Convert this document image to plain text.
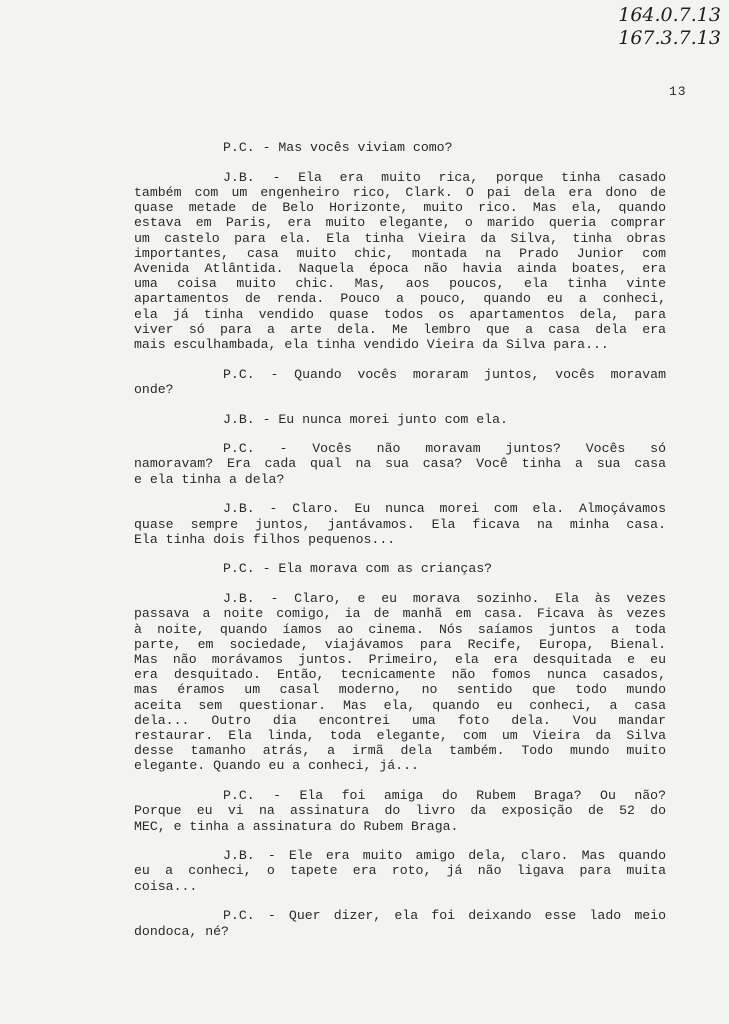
164.0.7.13
167.3.7.13
13
P.C. - Mas vocês viviam como?
J.B. - Ela era muito rica, porque tinha casado
também com um engenheiro rico, Clark. O pai dela era dono de
quase metade de Belo Horizonte, muito rico. Mas ela, quando
estava em Paris, era muito elegante, o marido queria comprar
um castelo para ela. Ela tinha Vieira da Silva, tinha obras
importantes, casa muito chic, montada na Prado Junior com
Avenida Atlântida. Naquela época não havia ainda boates, era
uma coisa muito chic. Mas, aos poucos, ela tinha vinte
apartamentos de renda. Pouco a pouco, quando eu a conheci,
ela já tinha vendido quase todos os apartamentos dela, para
viver só para a arte dela. Me lembro que a casa dela era
mais esculhambada, ela tinha vendido Vieira da Silva para...
P.C. - Quando vocês moraram juntos, vocês moravam
onde?
J.B. - Eu nunca morei junto com ela.
P.C. - Vocês não moravam juntos? Vocês só
namoravam? Era cada qual na sua casa? Você tinha a sua casa
e ela tinha a dela?
J.B. - Claro. Eu nunca morei com ela. Almoçávamos
quase sempre juntos, jantávamos. Ela ficava na minha casa.
Ela tinha dois filhos pequenos...
P.C. - Ela morava com as crianças?
J.B. - Claro, e eu morava sozinho. Ela às vezes
passava a noite comigo, ia de manhã em casa. Ficava às vezes
à noite, quando íamos ao cinema. Nós saíamos juntos a toda
parte, em sociedade, viajávamos para Recife, Europa, Bienal.
Mas não morávamos juntos. Primeiro, ela era desquitada e eu
era desquitado. Então, tecnicamente não fomos nunca casados,
mas éramos um casal moderno, no sentido que todo mundo
aceita sem questionar. Mas ela, quando eu conheci, a casa
dela... Outro dia encontrei uma foto dela. Vou mandar
restaurar. Ela linda, toda elegante, com um Vieira da Silva
desse tamanho atrás, a irmã dela também. Todo mundo muito
elegante. Quando eu a conheci, já...
P.C. - Ela foi amiga do Rubem Braga? Ou não?
Porque eu vi na assinatura do livro da exposição de 52 do
MEC, e tinha a assinatura do Rubem Braga.
J.B. - Ele era muito amigo dela, claro. Mas quando
eu a conheci, o tapete era roto, já não ligava para muita
coisa...
P.C. - Quer dizer, ela foi deixando esse lado meio
dondoca, né?
